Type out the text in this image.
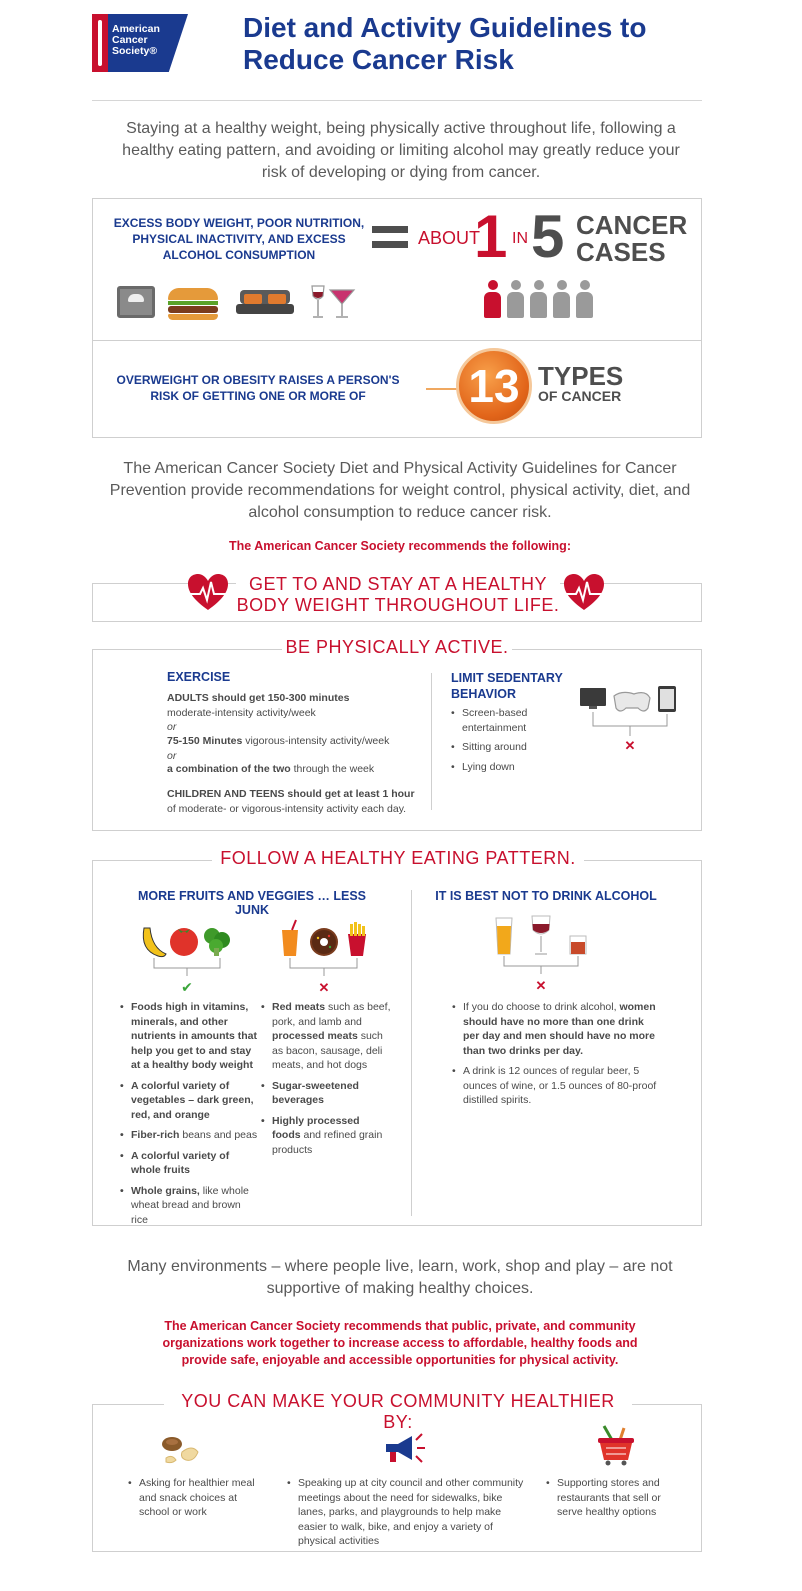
American Cancer Society®
Diet and Activity Guidelines to Reduce Cancer Risk
Staying at a healthy weight, being physically active throughout life, following a healthy eating pattern, and avoiding or limiting alcohol may greatly reduce your risk of developing or dying from cancer.
EXCESS BODY WEIGHT, POOR NUTRITION, PHYSICAL INACTIVITY, AND EXCESS ALCOHOL CONSUMPTION
ABOUT
1 IN 5 CANCER CASES
OVERWEIGHT OR OBESITY RAISES A PERSON'S RISK OF GETTING ONE OR MORE OF	13 TYPES
OF CANCER
The American Cancer Society Diet and Physical Activity Guidelines for Cancer Prevention provide recommendations for weight control, physical activity, diet, and alcohol consumption to reduce cancer risk.
The American Cancer Society recommends the following:
GET TO AND STAY AT A HEALTHY BODY WEIGHT THROUGHOUT LIFE.
BE PHYSICALLY ACTIVE.
EXERCISE
ADULTS should get 150-300 minutes
moderate-intensity activity/week
or
75-150 Minutes vigorous-intensity activity/week
or
a combination of the two through the week
CHILDREN AND TEENS should get at least 1 hour
of moderate- or vigorous-intensity activity each day.
LIMIT SEDENTARY BEHAVIOR
• Screen-based entertainment
• Sitting around
• Lying down
✕
FOLLOW A HEALTHY EATING PATTERN.
MORE FRUITS AND VEGGIES … LESS JUNK
IT IS BEST NOT TO DRINK ALCOHOL
✔	✕	✕
• Foods high in vitamins, minerals, and other nutrients in amounts that help you get to and stay at a healthy body weight
• A colorful variety of vegetables – dark green, red, and orange
• Fiber-rich beans and peas
• A colorful variety of whole fruits
• Whole grains, like whole wheat bread and brown rice
• Red meats such as beef, pork, and lamb and processed meats such as bacon, sausage, deli meats, and hot dogs
• Sugar-sweetened beverages
• Highly processed foods and refined grain products
• If you do choose to drink alcohol, women should have no more than one drink per day and men should have no more than two drinks per day.
• A drink is 12 ounces of regular beer, 5 ounces of wine, or 1.5 ounces of 80-proof distilled spirits.
Many environments – where people live, learn, work, shop and play – are not supportive of making healthy choices.
The American Cancer Society recommends that public, private, and community organizations work together to increase access to affordable, healthy foods and provide safe, enjoyable and accessible opportunities for physical activity.
YOU CAN MAKE YOUR COMMUNITY HEALTHIER BY:
• Asking for healthier meal and snack choices at school or work
• Speaking up at city council and other community meetings about the need for sidewalks, bike lanes, parks, and playgrounds to help make easier to walk, bike, and enjoy a variety of physical activities
• Supporting stores and restaurants that sell or serve healthy options
